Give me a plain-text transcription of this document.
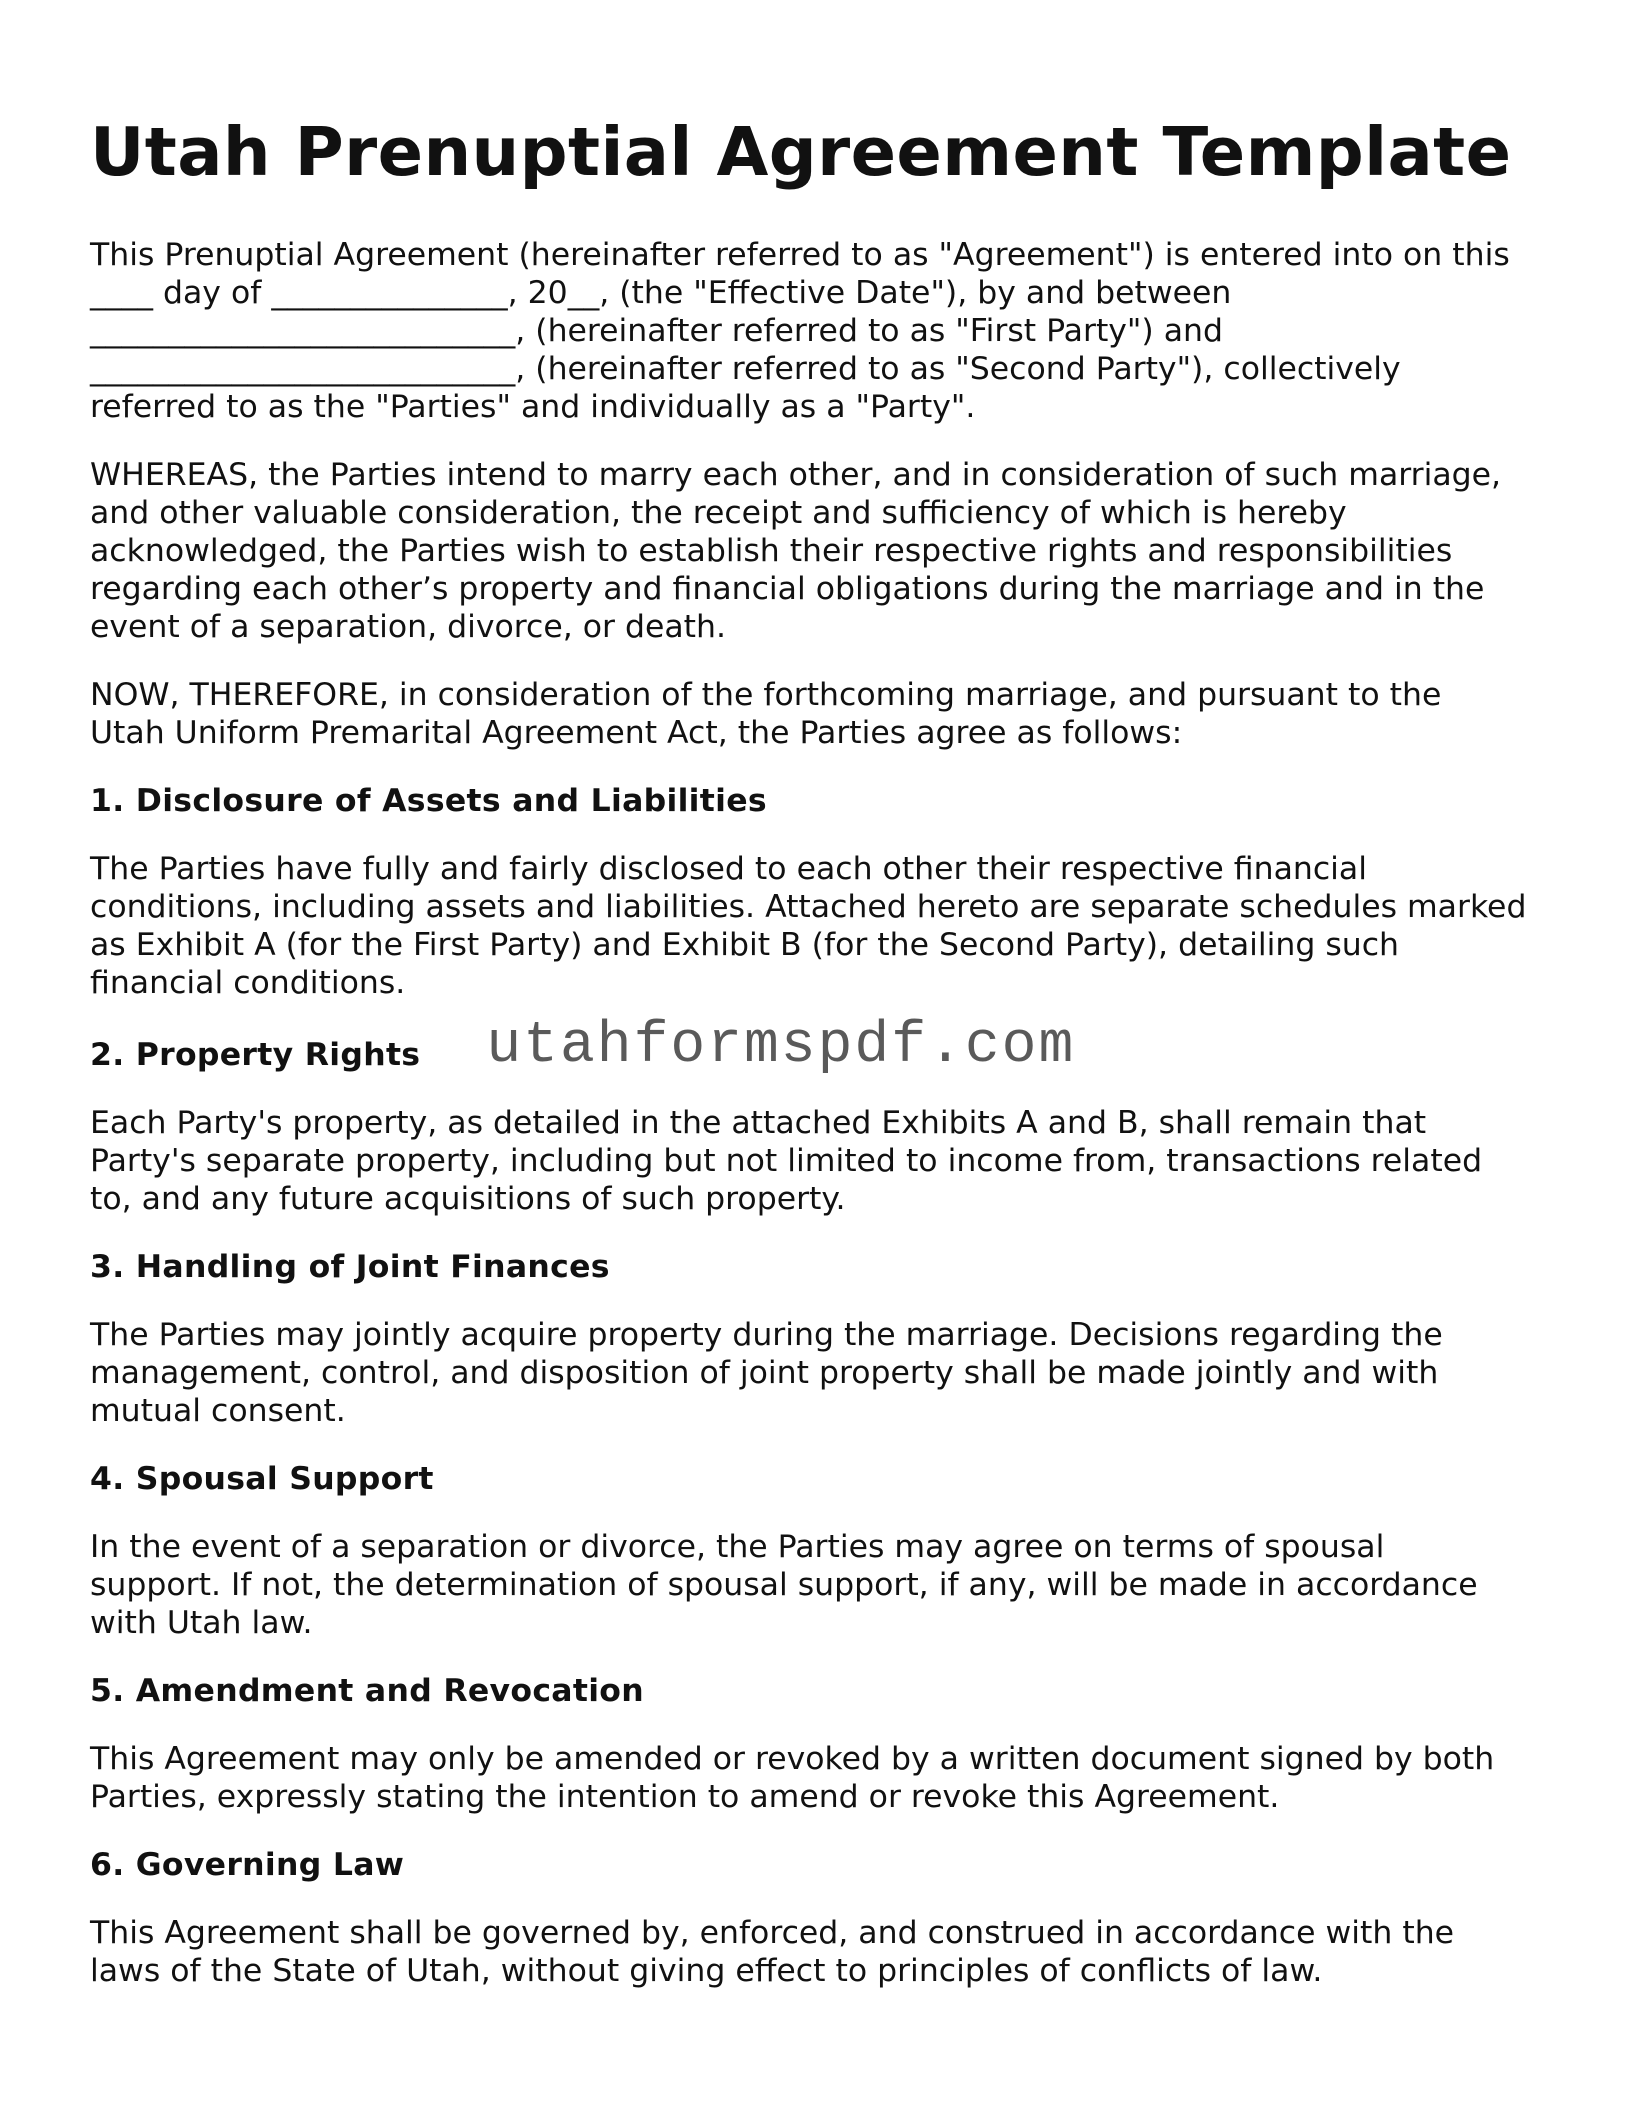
Utah Prenuptial Agreement Template

This Prenuptial Agreement (hereinafter referred to as "Agreement") is entered into on this
____ day of _______________, 20__, (the "Effective Date"), by and between
___________________________, (hereinafter referred to as "First Party") and
___________________________, (hereinafter referred to as "Second Party"), collectively
referred to as the "Parties" and individually as a "Party".

WHEREAS, the Parties intend to marry each other, and in consideration of such marriage,
and other valuable consideration, the receipt and sufficiency of which is hereby
acknowledged, the Parties wish to establish their respective rights and responsibilities
regarding each other’s property and financial obligations during the marriage and in the
event of a separation, divorce, or death.

NOW, THEREFORE, in consideration of the forthcoming marriage, and pursuant to the
Utah Uniform Premarital Agreement Act, the Parties agree as follows:

1. Disclosure of Assets and Liabilities

The Parties have fully and fairly disclosed to each other their respective financial
conditions, including assets and liabilities. Attached hereto are separate schedules marked
as Exhibit A (for the First Party) and Exhibit B (for the Second Party), detailing such
financial conditions.

2. Property Rights utahformspdf.com

Each Party's property, as detailed in the attached Exhibits A and B, shall remain that
Party's separate property, including but not limited to income from, transactions related
to, and any future acquisitions of such property.

3. Handling of Joint Finances

The Parties may jointly acquire property during the marriage. Decisions regarding the
management, control, and disposition of joint property shall be made jointly and with
mutual consent.

4. Spousal Support

In the event of a separation or divorce, the Parties may agree on terms of spousal
support. If not, the determination of spousal support, if any, will be made in accordance
with Utah law.

5. Amendment and Revocation

This Agreement may only be amended or revoked by a written document signed by both
Parties, expressly stating the intention to amend or revoke this Agreement.

6. Governing Law

This Agreement shall be governed by, enforced, and construed in accordance with the
laws of the State of Utah, without giving effect to principles of conflicts of law.
